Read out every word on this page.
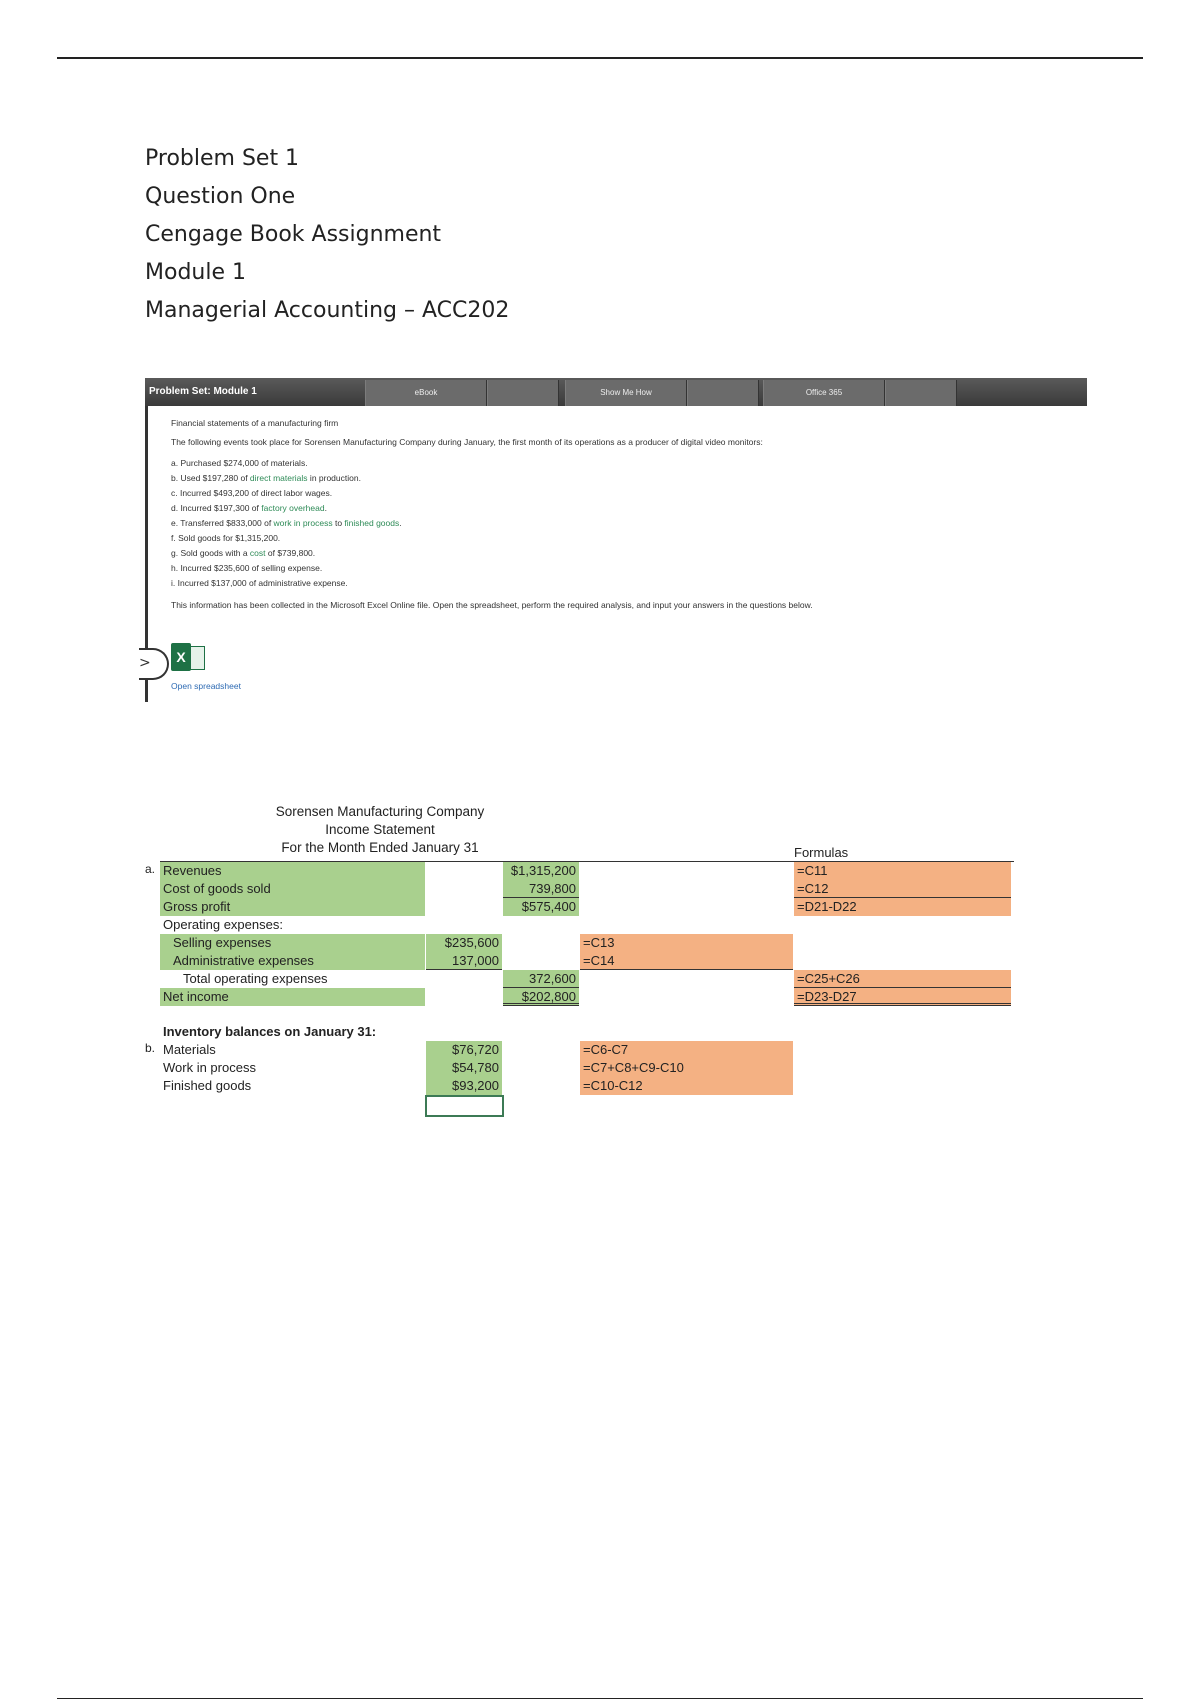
Problem Set 1
Question One
Cengage Book Assignment
Module 1
Managerial Accounting – ACC202
Problem Set: Module 1	eBook	Show Me How	Office 365

Financial statements of a manufacturing firm

The following events took place for Sorensen Manufacturing Company during January, the first month of its operations as a producer of digital video monitors:

a. Purchased $274,000 of materials.
b. Used $197,280 of direct materials in production.
c. Incurred $493,200 of direct labor wages.
d. Incurred $197,300 of factory overhead.
e. Transferred $833,000 of work in process to finished goods.
f. Sold goods for $1,315,200.
g. Sold goods with a cost of $739,800.
h. Incurred $235,600 of selling expense.
i. Incurred $137,000 of administrative expense.

This information has been collected in the Microsoft Excel Online file. Open the spreadsheet, perform the required analysis, and input your answers in the questions below.

>	X
Open spreadsheet
Sorensen Manufacturing Company
Income Statement
For the Month Ended January 31	Formulas
a. Revenues	$1,315,200	=C11
Cost of goods sold	739,800	=C12
Gross profit	$575,400	=D21-D22
Operating expenses:
Selling expenses	$235,600	=C13
Administrative expenses	137,000	=C14
Total operating expenses	372,600	=C25+C26
Net income	$202,800	=D23-D27
Inventory balances on January 31:
b. Materials	$76,720	=C6-C7
Work in process	$54,780	=C7+C8+C9-C10
Finished goods	$93,200	=C10-C12
